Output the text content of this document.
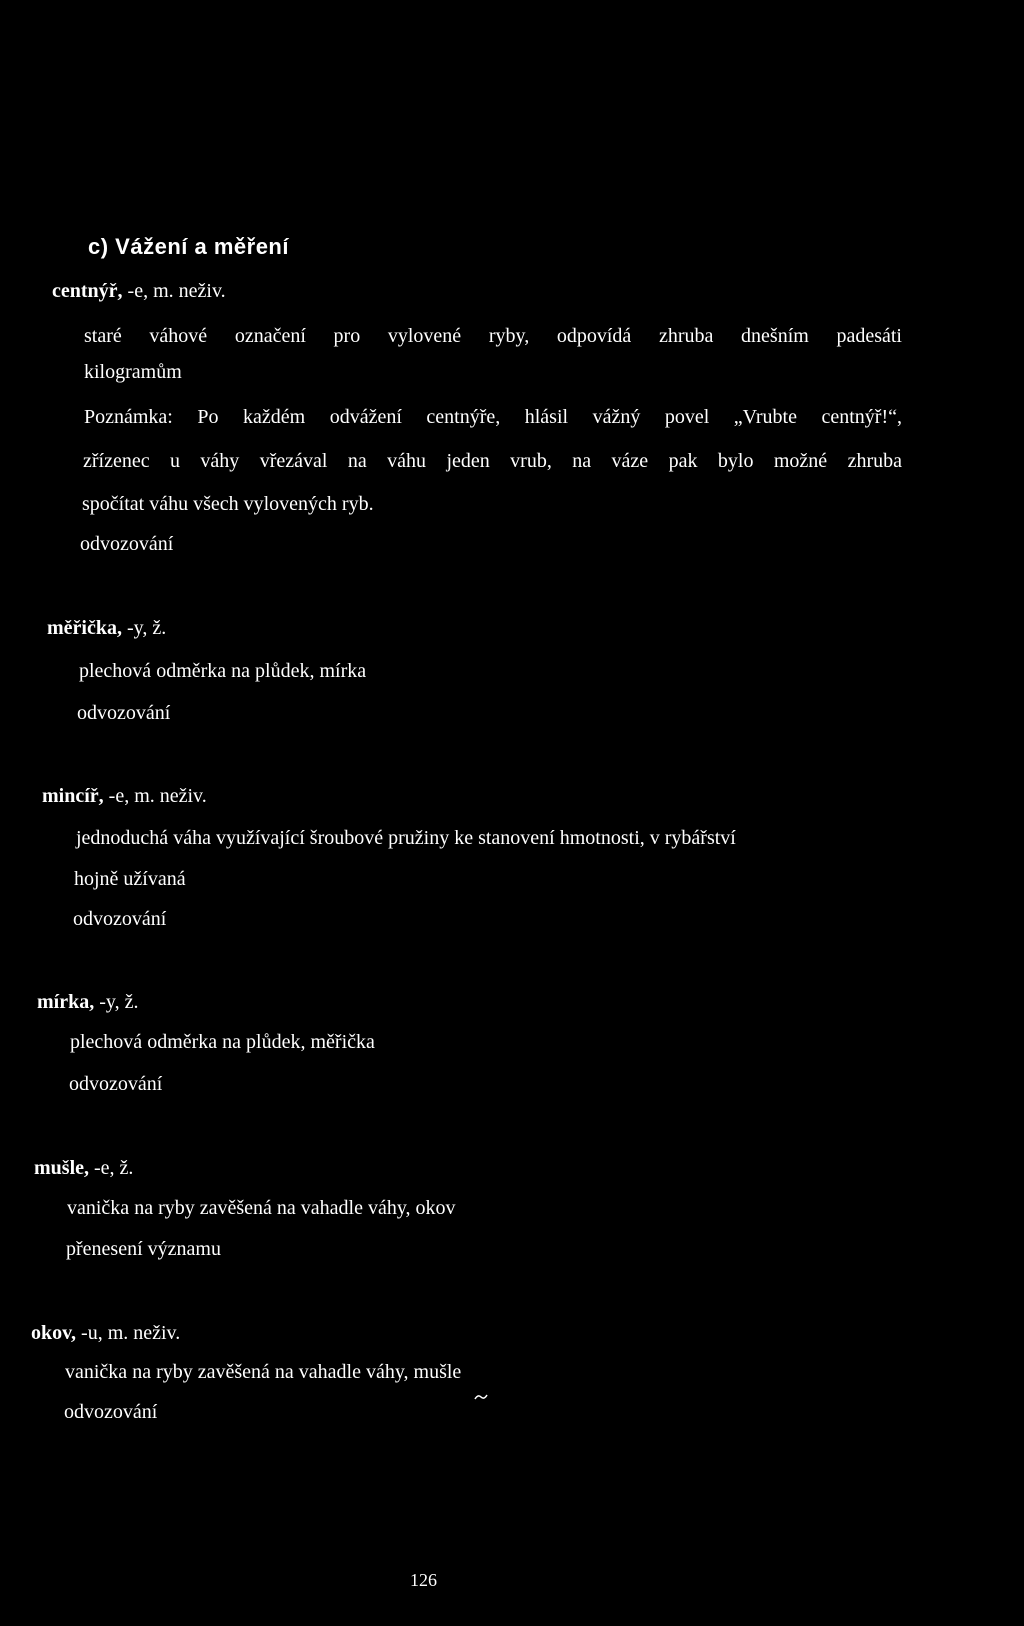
c) Vážení a měření
centnýř, -e, m. neživ.
staré váhové označení pro vylovené ryby, odpovídá zhruba dnešním padesáti
kilogramům
Poznámka: Po každém odvážení centnýře, hlásil vážný povel „Vrubte centnýř!“,
zřízenec u váhy vřezával na váhu jeden vrub, na váze pak bylo možné zhruba
spočítat váhu všech vylovených ryb.
odvozování
měřička, -y, ž.
plechová odměrka na plůdek, mírka
odvozování
mincíř, -e, m. neživ.
jednoduchá váha využívající šroubové pružiny ke stanovení hmotnosti, v rybářství
hojně užívaná
odvozování
mírka, -y, ž.
plechová odměrka na plůdek, měřička
odvozování
mušle, -e, ž.
vanička na ryby zavěšená na vahadle váhy, okov
přenesení významu
okov, -u, m. neživ.
vanička na ryby zavěšená na vahadle váhy, mušle
odvozování
126
